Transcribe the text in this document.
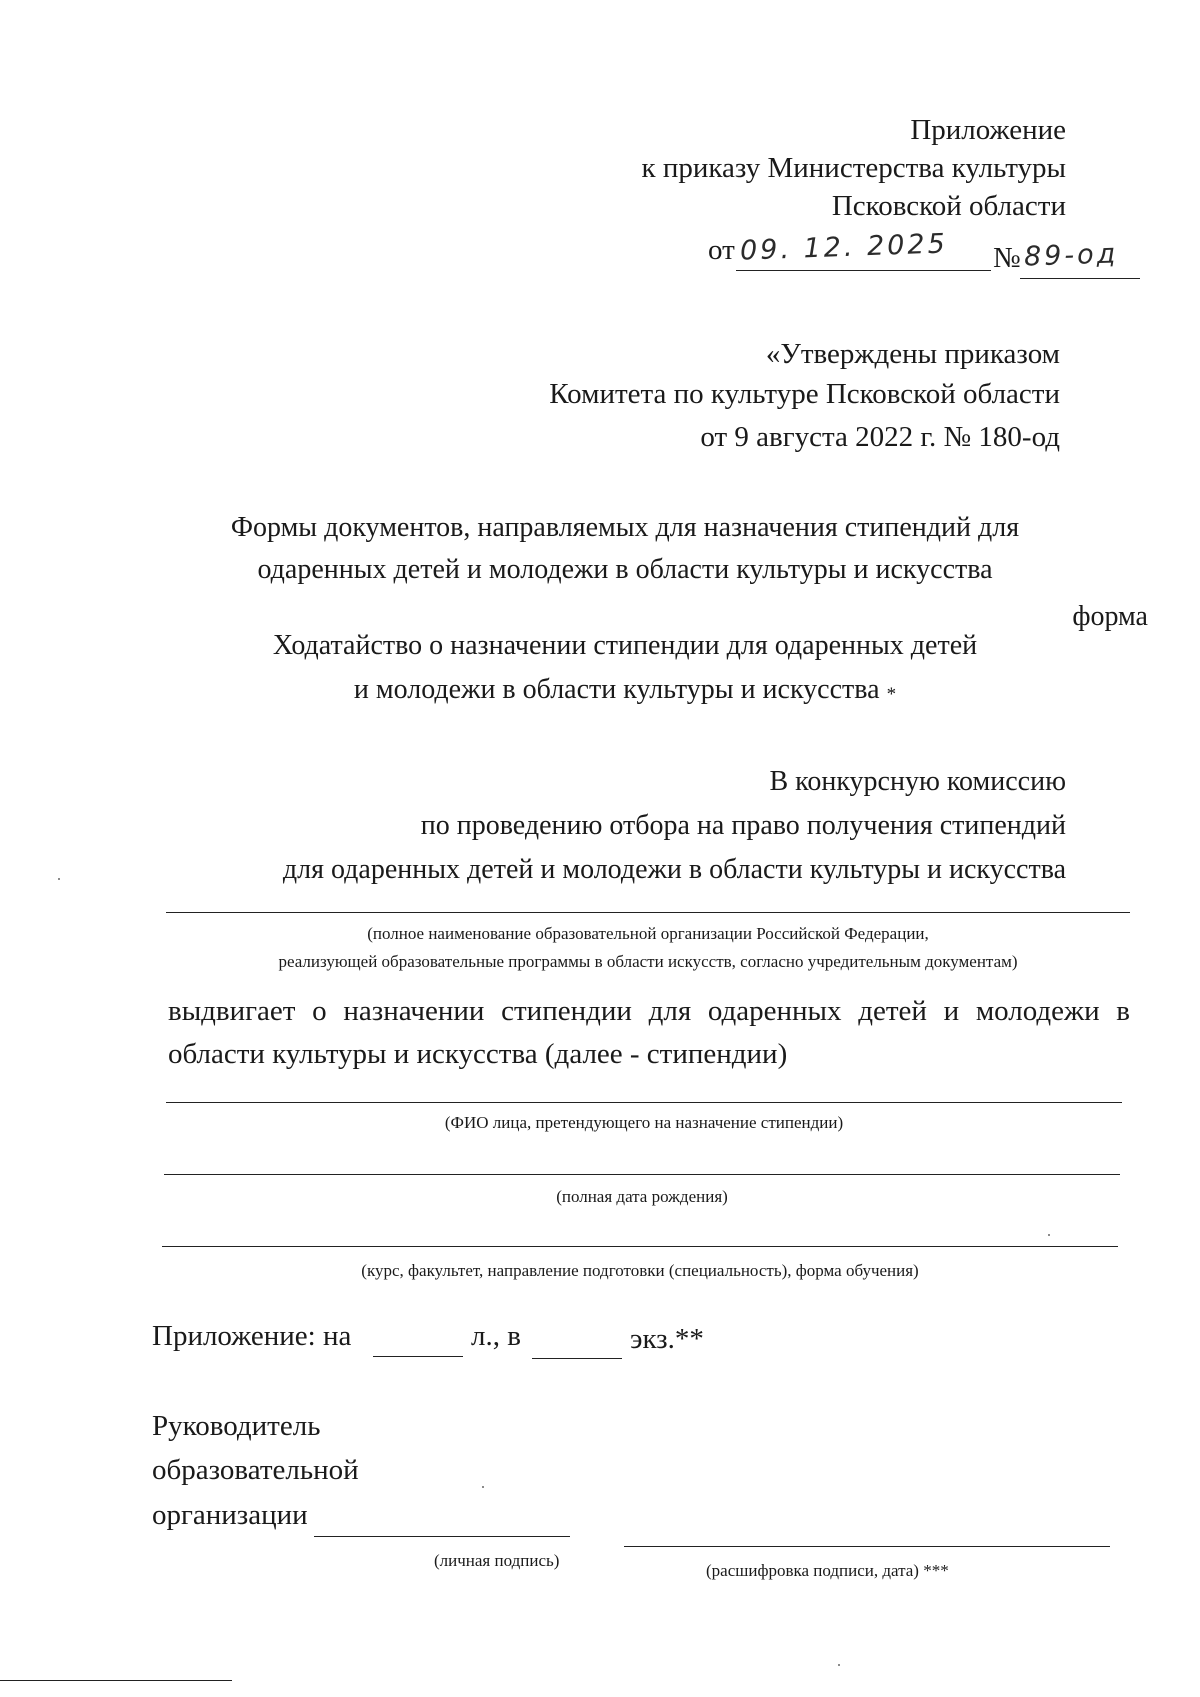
Приложение
к приказу Министерства культуры
Псковской области
от 09. 12. 2025 № 89-од
«Утверждены приказом
Комитета по культуре Псковской области
от 9 августа 2022 г. № 180-од
Формы документов, направляемых для назначения стипендий для
одаренных детей и молодежи в области культуры и искусства
форма
Ходатайство о назначении стипендии для одаренных детей
и молодежи в области культуры и искусства *
В конкурсную комиссию
по проведению отбора на право получения стипендий
для одаренных детей и молодежи в области культуры и искусства
(полное наименование образовательной организации Российской Федерации,
реализующей образовательные программы в области искусств, согласно учредительным документам)
выдвигает о назначении стипендии для одаренных детей и молодежи в
области культуры и искусства (далее - стипендии)
(ФИО лица, претендующего на назначение стипендии)
(полная дата рождения)
(курс, факультет, направление подготовки (специальность), форма обучения)
Приложение: на	л., в	экз.**
Руководитель
образовательной
организации
(личная подпись)
(расшифровка подписи, дата) ***
